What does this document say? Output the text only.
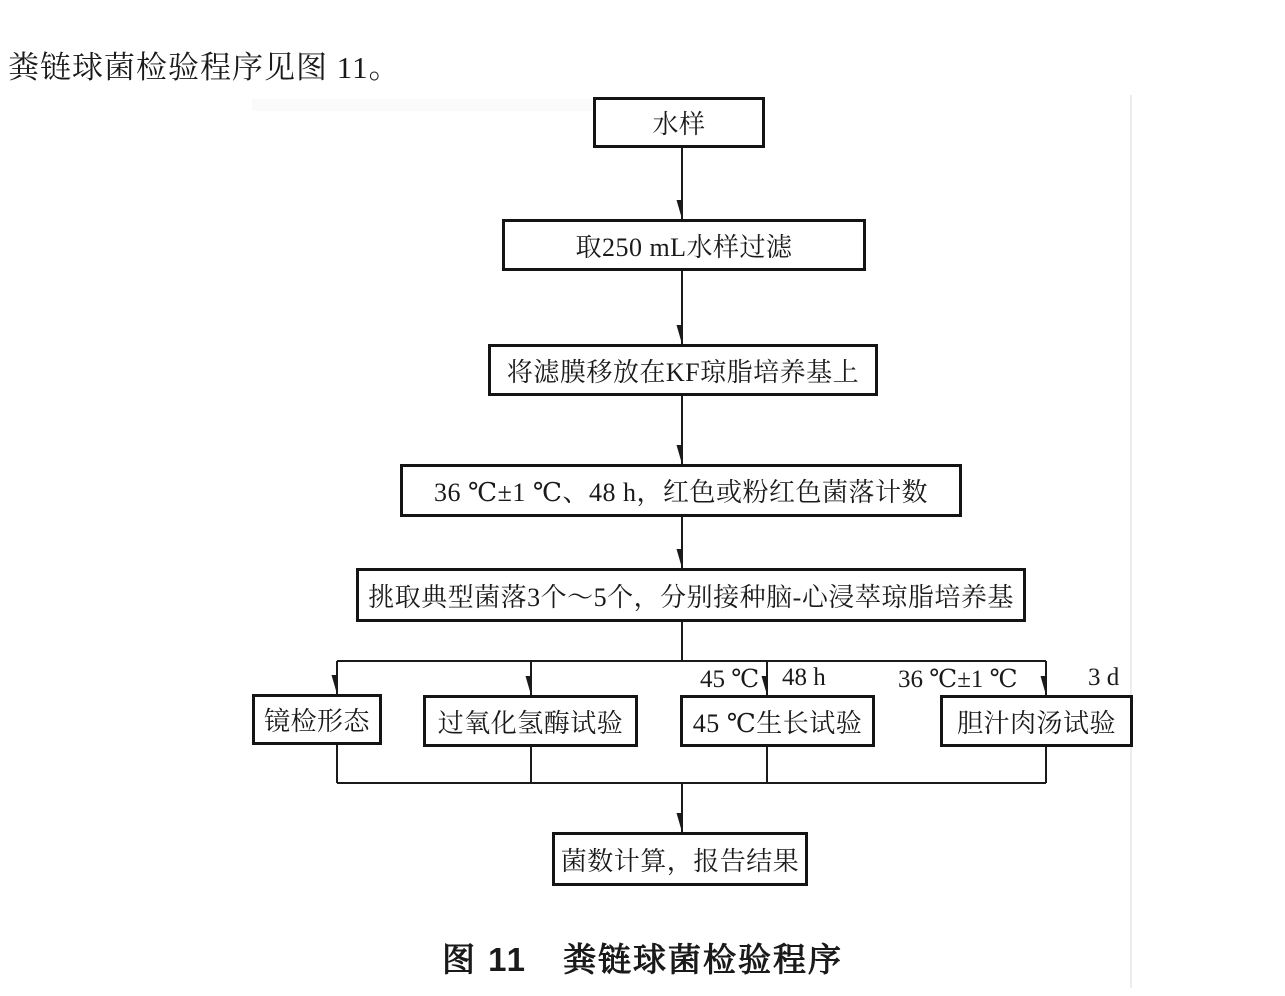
粪链球菌检验程序见图 11。
水样
取250 mL水样过滤
将滤膜移放在KF琼脂培养基上
36 ℃±1 ℃、48 h，红色或粉红色菌落计数
挑取典型菌落3个～5个，分别接种脑-心浸萃琼脂培养基
镜检形态	过氧化氢酶试验	45 ℃生长试验	胆汁肉汤试验
菌数计算，报告结果
45 ℃ 48 h	36 ℃±1 ℃	3 d
图 11 粪链球菌检验程序
